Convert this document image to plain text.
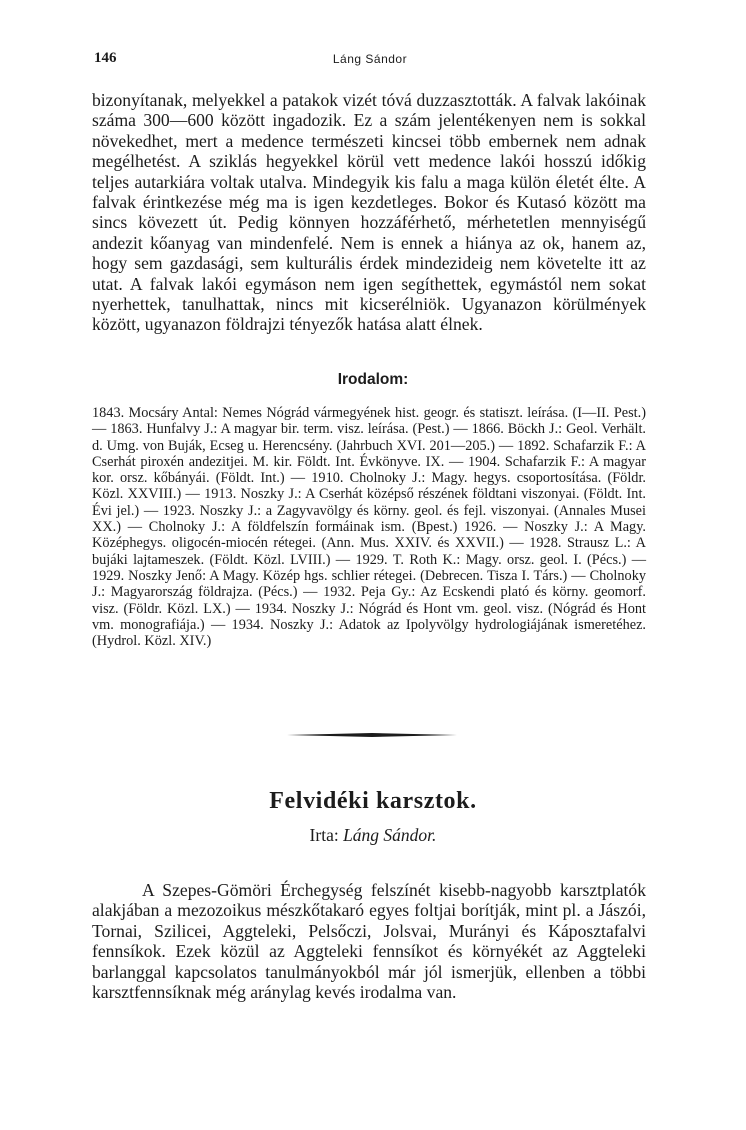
146	Láng Sándor

bizonyítanak, melyekkel a patakok vizét tóvá duzzasztották. A falvak lakóinak száma 300—600 között ingadozik. Ez a szám jelentékenyen nem is sokkal növekedhet, mert a medence természeti kincsei több embernek nem adnak megélhetést. A sziklás hegyekkel körül vett medence lakói hosszú időkig teljes autarkiára voltak utalva. Mindegyik kis falu a maga külön életét élte. A falvak érintkezése még ma is igen kezdetleges. Bokor és Kutasó között ma sincs kövezett út. Pedig könnyen hozzáférhető, mérhetetlen mennyiségű andezit kőanyag van mindenfelé. Nem is ennek a hiánya az ok, hanem az, hogy sem gazdasági, sem kulturális érdek mindezideig nem követelte itt az utat. A falvak lakói egymáson nem igen segíthettek, egymástól nem sokat nyerhettek, tanulhattak, nincs mit kicserélniök. Ugyanazon körülmények között, ugyanazon földrajzi tényezők hatása alatt élnek.

Irodalom:

1843. Mocsáry Antal: Nemes Nógrád vármegyének hist. geogr. és statiszt. leírása. (I—II. Pest.) — 1863. Hunfalvy J.: A magyar bir. term. visz. leírása. (Pest.) — 1866. Böckh J.: Geol. Verhält. d. Umg. von Buják, Ecseg u. Herencsény. (Jahrbuch XVI. 201—205.) — 1892. Schafarzik F.: A Cserhát piroxén andezitjei. M. kir. Földt. Int. Évkönyve. IX. — 1904. Schafarzik F.: A magyar kor. orsz. kőbányái. (Földt. Int.) — 1910. Cholnoky J.: Magy. hegys. csoportosítása. (Földr. Közl. XXVIII.) — 1913. Noszky J.: A Cserhát középső részének földtani viszonyai. (Földt. Int. Évi jel.) — 1923. Noszky J.: a Zagyvavölgy és körny. geol. és fejl. viszonyai. (Annales Musei XX.) — Cholnoky J.: A földfelszín formáinak ism. (Bpest.) 1926. — Noszky J.: A Magy. Középhegys. oligocén-miocén rétegei. (Ann. Mus. XXIV. és XXVII.) — 1928. Strausz L.: A bujáki lajtameszek. (Földt. Közl. LVIII.) — 1929. T. Roth K.: Magy. orsz. geol. I. (Pécs.) — 1929. Noszky Jenő: A Magy. Közép hgs. schlier rétegei. (Debrecen. Tisza I. Társ.) — Cholnoky J.: Magyarország földrajza. (Pécs.) — 1932. Peja Gy.: Az Ecskendi plató és körny. geomorf. visz. (Földr. Közl. LX.) — 1934. Noszky J.: Nógrád és Hont vm. geol. visz. (Nógrád és Hont vm. monografiája.) — 1934. Noszky J.: Adatok az Ipolyvölgy hydrologiájának ismeretéhez. (Hydrol. Közl. XIV.)

Felvidéki karsztok.

Irta: Láng Sándor.

A Szepes-Gömöri Érchegység felszínét kisebb-nagyobb karsztplatók alakjában a mezozoikus mészkőtakaró egyes foltjai borítják, mint pl. a Jászói, Tornai, Szilicei, Aggteleki, Pelsőczi, Jolsvai, Murányi és Káposztafalvi fennsíkok. Ezek közül az Aggteleki fennsíkot és környékét az Aggteleki barlanggal kapcsolatos tanulmányokból már jól ismerjük, ellenben a többi karsztfennsíknak még aránylag kevés irodalma van.
